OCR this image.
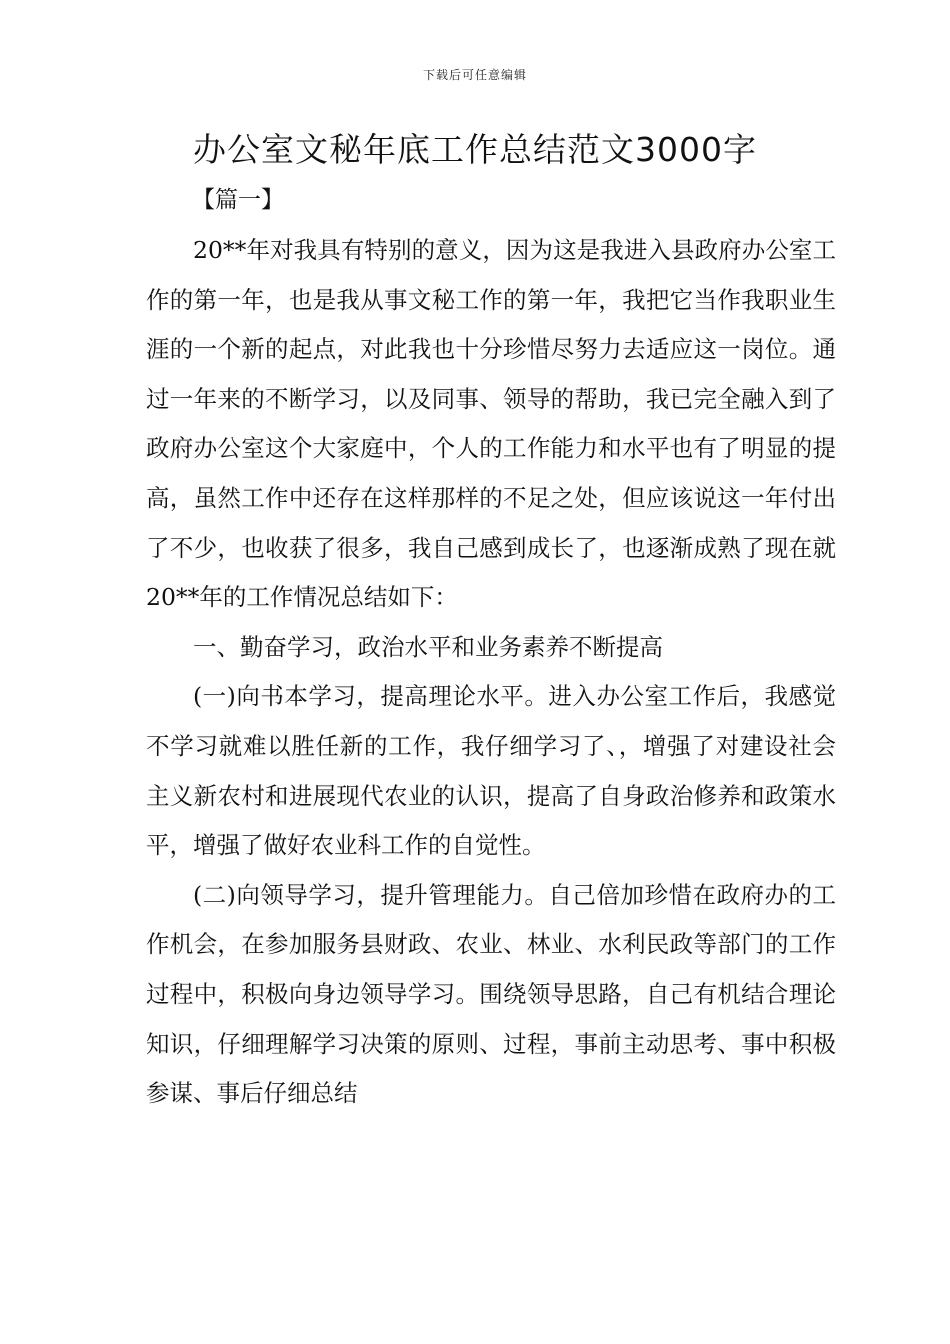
下载后可任意编辑
办公室文秘年底工作总结范文3000字
【篇一】

20**年对我具有特别的意义，因为这是我进入县政府办公室工作的第一年，也是我从事文秘工作的第一年，我把它当作我职业生涯的一个新的起点，对此我也十分珍惜尽努力去适应这一岗位。通过一年来的不断学习，以及同事、领导的帮助，我已完全融入到了政府办公室这个大家庭中，个人的工作能力和水平也有了明显的提高，虽然工作中还存在这样那样的不足之处，但应该说这一年付出了不少，也收获了很多，我自己感到成长了，也逐渐成熟了现在就20**年的工作情况总结如下：

一、勤奋学习，政治水平和业务素养不断提高

(一)向书本学习，提高理论水平。进入办公室工作后，我感觉不学习就难以胜任新的工作，我仔细学习了、，增强了对建设社会主义新农村和进展现代农业的认识，提高了自身政治修养和政策水平，增强了做好农业科工作的自觉性。

(二)向领导学习，提升管理能力。自己倍加珍惜在政府办的工作机会，在参加服务县财政、农业、林业、水利民政等部门的工作过程中，积极向身边领导学习。围绕领导思路，自己有机结合理论知识，仔细理解学习决策的原则、过程，事前主动思考、事中积极参谋、事后仔细总结
